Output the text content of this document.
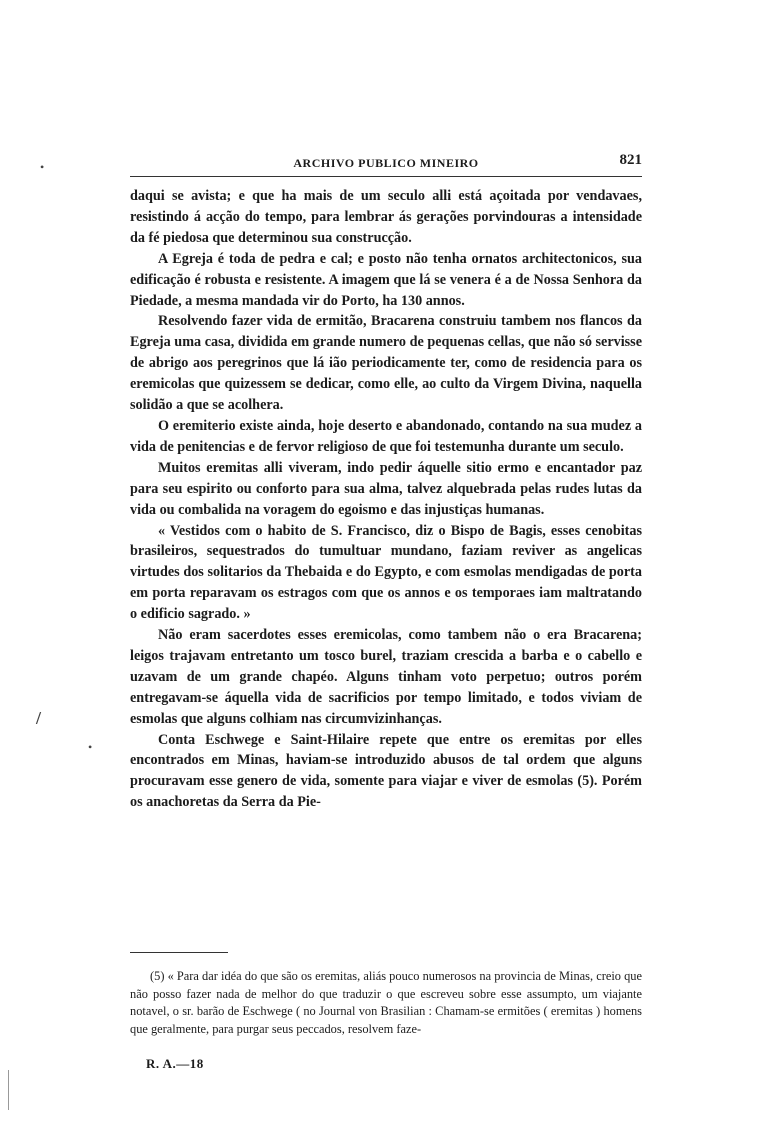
•
/
•
ARCHIVO PUBLICO MINEIRO	821

daqui se avista; e que ha mais de um seculo alli está açoitada por vendavaes, resistindo á acção do tempo, para lembrar ás gerações porvindouras a intensidade da fé piedosa que determinou sua construcção.

A Egreja é toda de pedra e cal; e posto não tenha ornatos architectonicos, sua edificação é robusta e resistente. A imagem que lá se venera é a de Nossa Senhora da Piedade, a mesma mandada vir do Porto, ha 130 annos.

Resolvendo fazer vida de ermitão, Bracarena construiu tambem nos flancos da Egreja uma casa, dividida em grande numero de pequenas cellas, que não só servisse de abrigo aos peregrinos que lá ião periodicamente ter, como de residencia para os eremicolas que quizessem se dedicar, como elle, ao culto da Virgem Divina, naquella solidão a que se acolhera.

O eremiterio existe ainda, hoje deserto e abandonado, contando na sua mudez a vida de penitencias e de fervor religioso de que foi testemunha durante um seculo.

Muitos eremitas alli viveram, indo pedir áquelle sitio ermo e encantador paz para seu espirito ou conforto para sua alma, talvez alquebrada pelas rudes lutas da vida ou combalida na voragem do egoismo e das injustiças humanas.

« Vestidos com o habito de S. Francisco, diz o Bispo de Bagis, esses cenobitas brasileiros, sequestrados do tumultuar mundano, faziam reviver as angelicas virtudes dos solitarios da Thebaida e do Egypto, e com esmolas mendigadas de porta em porta reparavam os estragos com que os annos e os temporaes iam maltratando o edificio sagrado. »

Não eram sacerdotes esses eremicolas, como tambem não o era Bracarena; leigos trajavam entretanto um tosco burel, traziam crescida a barba e o cabello e uzavam de um grande chapéo. Alguns tinham voto perpetuo; outros porém entregavam-se áquella vida de sacrificios por tempo limitado, e todos viviam de esmolas que alguns colhiam nas circumvizinhanças.

Conta Eschwege e Saint-Hilaire repete que entre os eremitas por elles encontrados em Minas, haviam-se introduzido abusos de tal ordem que alguns procuravam esse genero de vida, somente para viajar e viver de esmolas (5). Porém os anachoretas da Serra da Pie-

(5) « Para dar idéa do que são os eremitas, aliás pouco numerosos na provincia de Minas, creio que não posso fazer nada de melhor do que traduzir o que escreveu sobre esse assumpto, um viajante notavel, o sr. barão de Eschwege ( no Journal von Brasilian : Chamam-se ermitões ( eremitas ) homens que geralmente, para purgar seus peccados, resolvem faze-

R. A.—18
